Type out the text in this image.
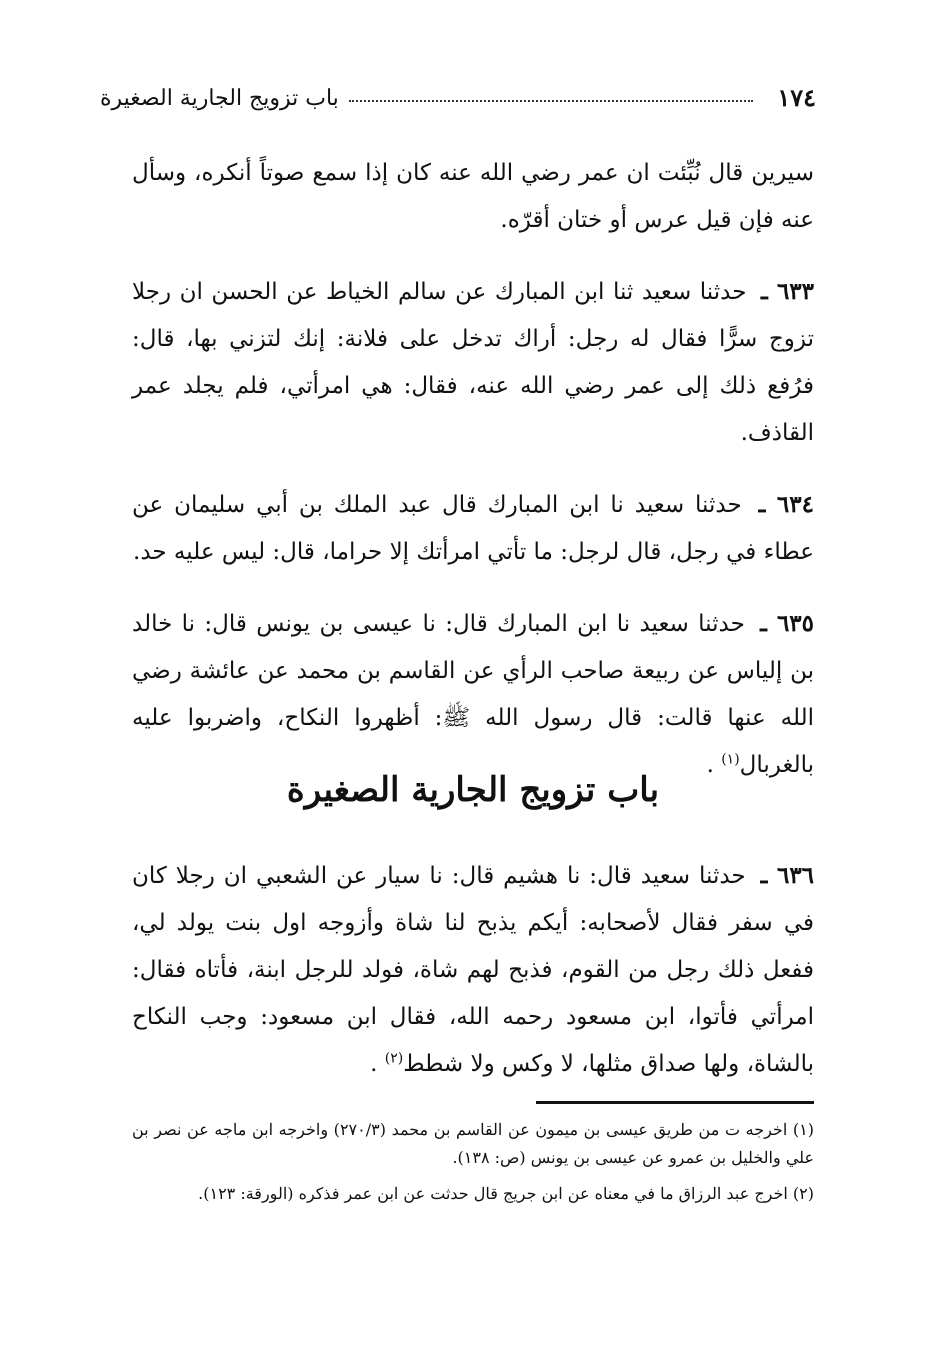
١٧٤
باب تزويج الجارية الصغيرة

سيرين قال نُبِّئت ان عمر رضي الله عنه كان إذا سمع صوتاً أنكره، وسأل عنه فإن قيل عرس أو ختان أقرّه.

٦٣٣ ـ حدثنا سعيد ثنا ابن المبارك عن سالم الخياط عن الحسن ان رجلا تزوج سرًّا فقال له رجل: أراك تدخل على فلانة: إنك لتزني بها، قال: فرُفع ذلك إلى عمر رضي الله عنه، فقال: هي امرأتي، فلم يجلد عمر القاذف.

٦٣٤ ـ حدثنا سعيد نا ابن المبارك قال عبد الملك بن أبي سليمان عن عطاء في رجل، قال لرجل: ما تأتي امرأتك إلا حراما، قال: ليس عليه حد.

٦٣٥ ـ حدثنا سعيد نا ابن المبارك قال: نا عيسى بن يونس قال: نا خالد بن إلياس عن ربيعة صاحب الرأي عن القاسم بن محمد عن عائشة رضي الله عنها قالت: قال رسول الله ﷺ: أظهروا النكاح، واضربوا عليه بالغربال$^{(١)}$ .

باب تزويج الجارية الصغيرة

٦٣٦ ـ حدثنا سعيد قال: نا هشيم قال: نا سيار عن الشعبي ان رجلا كان في سفر فقال لأصحابه: أيكم يذبح لنا شاة وأزوجه اول بنت يولد لي، ففعل ذلك رجل من القوم، فذبح لهم شاة، فولد للرجل ابنة، فأتاه فقال: امرأتي فأتوا، ابن مسعود رحمه الله، فقال ابن مسعود: وجب النكاح بالشاة، ولها صداق مثلها، لا وكس ولا شطط$^{(٢)}$ .

(١) اخرجه ت من طريق عيسى بن ميمون عن القاسم بن محمد (٢٧٠/٣) واخرجه ابن ماجه عن نصر بن علي والخليل بن عمرو عن عيسى بن يونس (ص: ١٣٨).

(٢) اخرج عبد الرزاق ما في معناه عن ابن جريج قال حدثت عن ابن عمر فذكره (الورقة: ١٢٣).
